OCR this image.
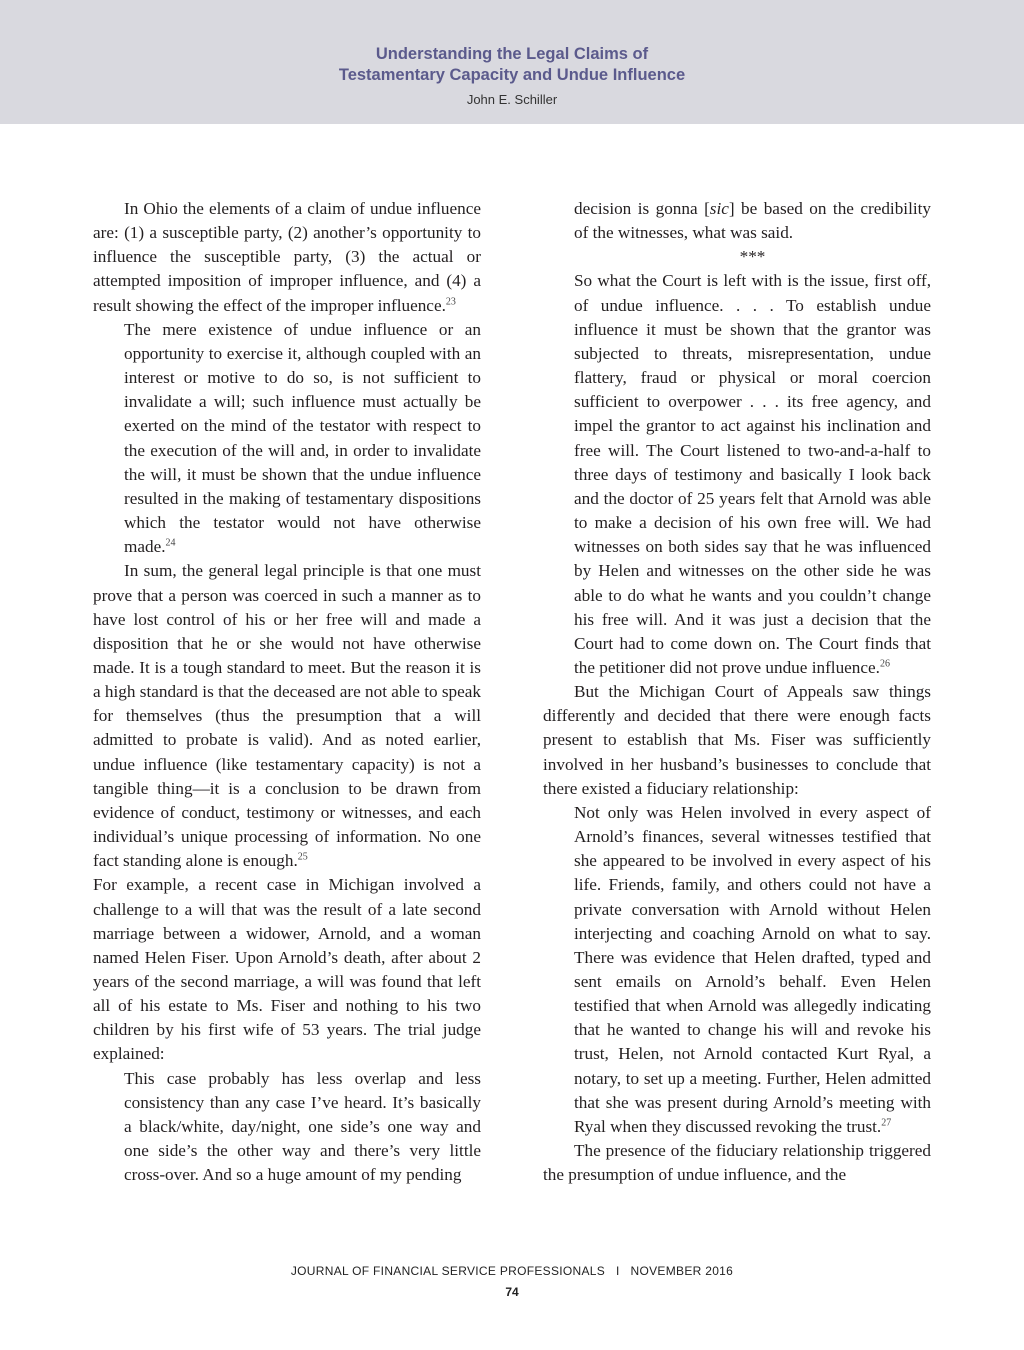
Understanding the Legal Claims of
Testamentary Capacity and Undue Influence
John E. Schiller

In Ohio the elements of a claim of undue influence are: (1) a susceptible party, (2) another’s opportunity to influence the susceptible party, (3) the actual or attempted imposition of improper influence, and (4) a result showing the effect of the improper influence.$^{23}$

The mere existence of undue influence or an opportunity to exercise it, although coupled with an interest or motive to do so, is not sufficient to invalidate a will; such influence must actually be exerted on the mind of the testator with respect to the execution of the will and, in order to invalidate the will, it must be shown that the undue influence resulted in the making of testamentary dispositions which the testator would not have otherwise made.$^{24}$

In sum, the general legal principle is that one must prove that a person was coerced in such a manner as to have lost control of his or her free will and made a disposition that he or she would not have otherwise made. It is a tough standard to meet. But the reason it is a high standard is that the deceased are not able to speak for themselves (thus the presumption that a will admitted to probate is valid). And as noted earlier, undue influence (like testamentary capacity) is not a tangible thing—it is a conclusion to be drawn from evidence of conduct, testimony or witnesses, and each individual’s unique processing of information. No one fact standing alone is enough.$^{25}$

For example, a recent case in Michigan involved a challenge to a will that was the result of a late second marriage between a widower, Arnold, and a woman named Helen Fiser. Upon Arnold’s death, after about 2 years of the second marriage, a will was found that left all of his estate to Ms. Fiser and nothing to his two children by his first wife of 53 years. The trial judge explained:

This case probably has less overlap and less consistency than any case I’ve heard. It’s basically a black/white, day/night, one side’s one way and one side’s the other way and there’s very little cross-over. And so a huge amount of my pending

decision is gonna [sic] be based on the credibility of the witnesses, what was said.

***

So what the Court is left with is the issue, first off, of undue influence. . . . To establish undue influence it must be shown that the grantor was subjected to threats, misrepresentation, undue flattery, fraud or physical or moral coercion sufficient to overpower . . . its free agency, and impel the grantor to act against his inclination and free will. The Court listened to two-and-a-half to three days of testimony and basically I look back and the doctor of 25 years felt that Arnold was able to make a decision of his own free will. We had witnesses on both sides say that he was influenced by Helen and witnesses on the other side he was able to do what he wants and you couldn’t change his free will. And it was just a decision that the Court had to come down on. The Court finds that the petitioner did not prove undue influence.$^{26}$

But the Michigan Court of Appeals saw things differently and decided that there were enough facts present to establish that Ms. Fiser was sufficiently involved in her husband’s businesses to conclude that there existed a fiduciary relationship:

Not only was Helen involved in every aspect of Arnold’s finances, several witnesses testified that she appeared to be involved in every aspect of his life. Friends, family, and others could not have a private conversation with Arnold without Helen interjecting and coaching Arnold on what to say. There was evidence that Helen drafted, typed and sent emails on Arnold’s behalf. Even Helen testified that when Arnold was allegedly indicating that he wanted to change his will and revoke his trust, Helen, not Arnold contacted Kurt Ryal, a notary, to set up a meeting. Further, Helen admitted that she was present during Arnold’s meeting with Ryal when they discussed revoking the trust.$^{27}$

The presence of the fiduciary relationship triggered the presumption of undue influence, and the

JOURNAL OF FINANCIAL SERVICE PROFESSIONALS   I   NOVEMBER 2016
74
